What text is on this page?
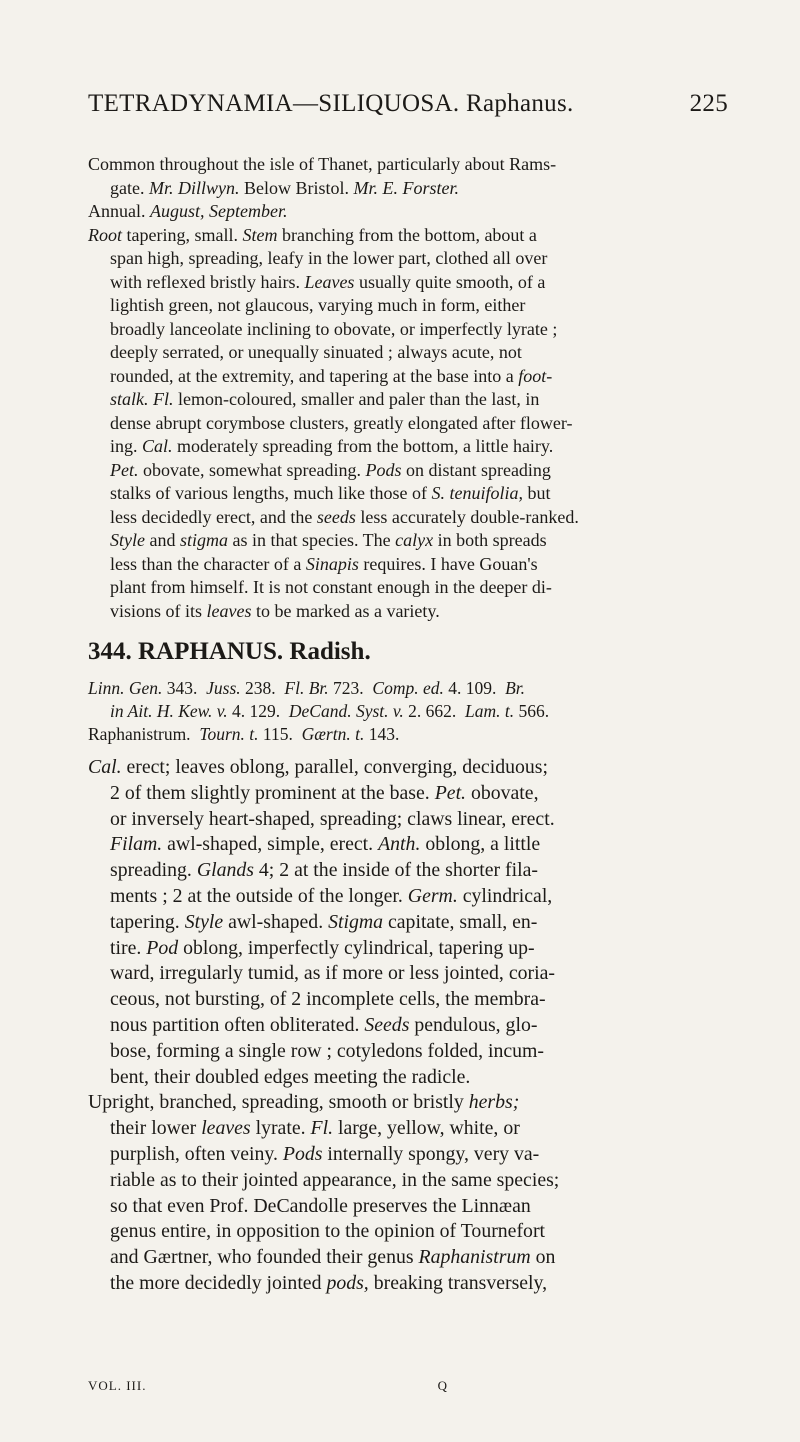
TETRADYNAMIA—SILIQUOSA. Raphanus.	225
Common throughout the isle of Thanet, particularly about Rams-
gate. Mr. Dillwyn. Below Bristol. Mr. E. Forster.
Annual. August, September.
Root tapering, small. Stem branching from the bottom, about a
span high, spreading, leafy in the lower part, clothed all over
with reflexed bristly hairs. Leaves usually quite smooth, of a
lightish green, not glaucous, varying much in form, either
broadly lanceolate inclining to obovate, or imperfectly lyrate ;
deeply serrated, or unequally sinuated ; always acute, not
rounded, at the extremity, and tapering at the base into a foot-
stalk. Fl. lemon-coloured, smaller and paler than the last, in
dense abrupt corymbose clusters, greatly elongated after flower-
ing. Cal. moderately spreading from the bottom, a little hairy.
Pet. obovate, somewhat spreading. Pods on distant spreading
stalks of various lengths, much like those of S. tenuifolia, but
less decidedly erect, and the seeds less accurately double-ranked.
Style and stigma as in that species. The calyx in both spreads
less than the character of a Sinapis requires. I have Gouan's
plant from himself. It is not constant enough in the deeper di-
visions of its leaves to be marked as a variety.
344. RAPHANUS. Radish.
Linn. Gen. 343. Juss. 238. Fl. Br. 723. Comp. ed. 4. 109. Br.
in Ait. H. Kew. v. 4. 129. DeCand. Syst. v. 2. 662. Lam. t. 566.
Raphanistrum. Tourn. t. 115. Gærtn. t. 143.
Cal. erect; leaves oblong, parallel, converging, deciduous;
2 of them slightly prominent at the base. Pet. obovate,
or inversely heart-shaped, spreading; claws linear, erect.
Filam. awl-shaped, simple, erect. Anth. oblong, a little
spreading. Glands 4; 2 at the inside of the shorter fila-
ments ; 2 at the outside of the longer. Germ. cylindrical,
tapering. Style awl-shaped. Stigma capitate, small, en-
tire. Pod oblong, imperfectly cylindrical, tapering up-
ward, irregularly tumid, as if more or less jointed, coria-
ceous, not bursting, of 2 incomplete cells, the membra-
nous partition often obliterated. Seeds pendulous, glo-
bose, forming a single row ; cotyledons folded, incum-
bent, their doubled edges meeting the radicle.
Upright, branched, spreading, smooth or bristly herbs;
their lower leaves lyrate. Fl. large, yellow, white, or
purplish, often veiny. Pods internally spongy, very va-
riable as to their jointed appearance, in the same species;
so that even Prof. DeCandolle preserves the Linnæan
genus entire, in opposition to the opinion of Tournefort
and Gærtner, who founded their genus Raphanistrum on
the more decidedly jointed pods, breaking transversely,
VOL. III.	Q
